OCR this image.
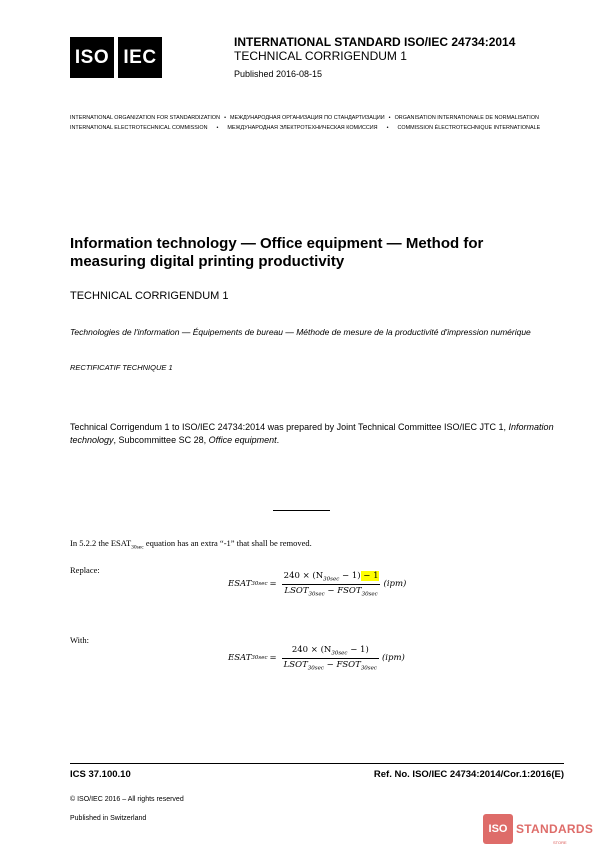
ISO IEC
INTERNATIONAL STANDARD ISO/IEC 24734:2014
TECHNICAL CORRIGENDUM 1
Published 2016-08-15
INTERNATIONAL ORGANIZATION FOR STANDARDIZATION • МЕЖДУНАРОДНАЯ ОРГАНИЗАЦИЯ ПО СТАНДАРТИЗАЦИИ • ORGANISATION INTERNATIONALE DE NORMALISATION
INTERNATIONAL ELECTROTECHNICAL COMMISSION • МЕЖДУНАРОДНАЯ ЭЛЕКТРОТЕХНИЧЕСКАЯ КОМИССИЯ • COMMISSION ÉLECTROTECHNIQUE INTERNATIONALE
Information technology — Office equipment — Method for measuring digital printing productivity
TECHNICAL CORRIGENDUM 1
Technologies de l'information — Équipements de bureau — Méthode de mesure de la productivité d'impression numérique
RECTIFICATIF TECHNIQUE 1
Technical Corrigendum 1 to ISO/IEC 24734:2014 was prepared by Joint Technical Committee ISO/IEC JTC 1, Information technology, Subcommittee SC 28, Office equipment.
In 5.2.2 the $ESAT_{30sec}$ equation has an extra “-1” that shall be removed.
Replace:
ESAT $30\sec = \frac{240 \times (N_{30sec} - 1) - 1}{LSOT_{30sec} - FSOT_{30sec}} (ipm)$
With:
ESAT $30\sec = \frac{240 \times (N_{30sec} - 1)}{LSOT_{30sec} - FSOT_{30sec}} (ipm)$
ICS 37.100.10	Ref. No. ISO/IEC 24734:2014/Cor.1:2016(E)
© ISO/IEC 2016 – All rights reserved
Published in Switzerland
ISO STANDARDS
STORE
